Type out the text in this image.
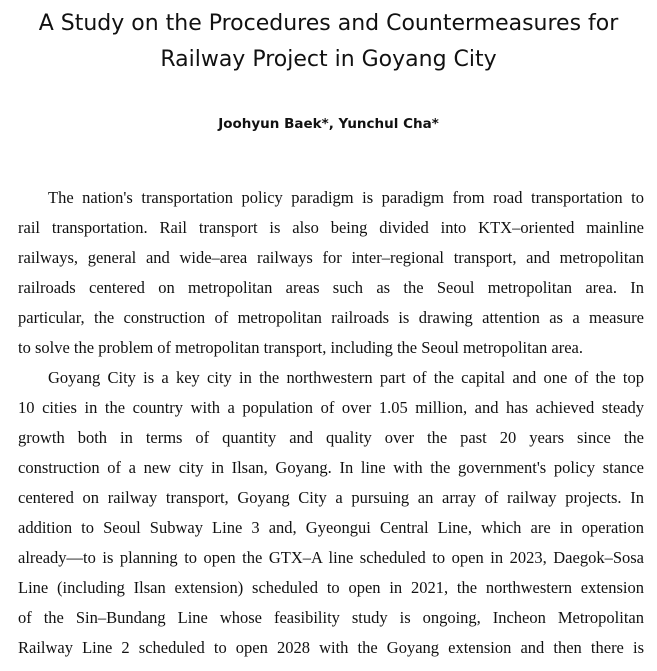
A Study on the Procedures and Countermeasures for
Railway Project in Goyang City
Joohyun Baek*, Yunchul Cha*
The nation's transportation policy paradigm is paradigm from road transportation to
rail transportation. Rail transport is also being divided into KTX–oriented mainline
railways, general and wide–area railways for inter–regional transport, and metropolitan
railroads centered on metropolitan areas such as the Seoul metropolitan area. In
particular, the construction of metropolitan railroads is drawing attention as a measure
to solve the problem of metropolitan transport, including the Seoul metropolitan area.
Goyang City is a key city in the northwestern part of the capital and one of the top
10 cities in the country with a population of over 1.05 million, and has achieved steady
growth both in terms of quantity and quality over the past 20 years since the
construction of a new city in Ilsan, Goyang. In line with the government's policy stance
centered on railway transport, Goyang City a pursuing an array of railway projects. In
addition to Seoul Subway Line 3 and, Gyeongui Central Line, which are in operation
already—to is planning to open the GTX–A line scheduled to open in 2023, Daegok–Sosa
Line (including Ilsan extension) scheduled to open in 2021, the northwestern extension
of the Sin–Bundang Line whose feasibility study is ongoing, Incheon Metropolitan
Railway Line 2 scheduled to open 2028 with the Goyang extension and then there is
